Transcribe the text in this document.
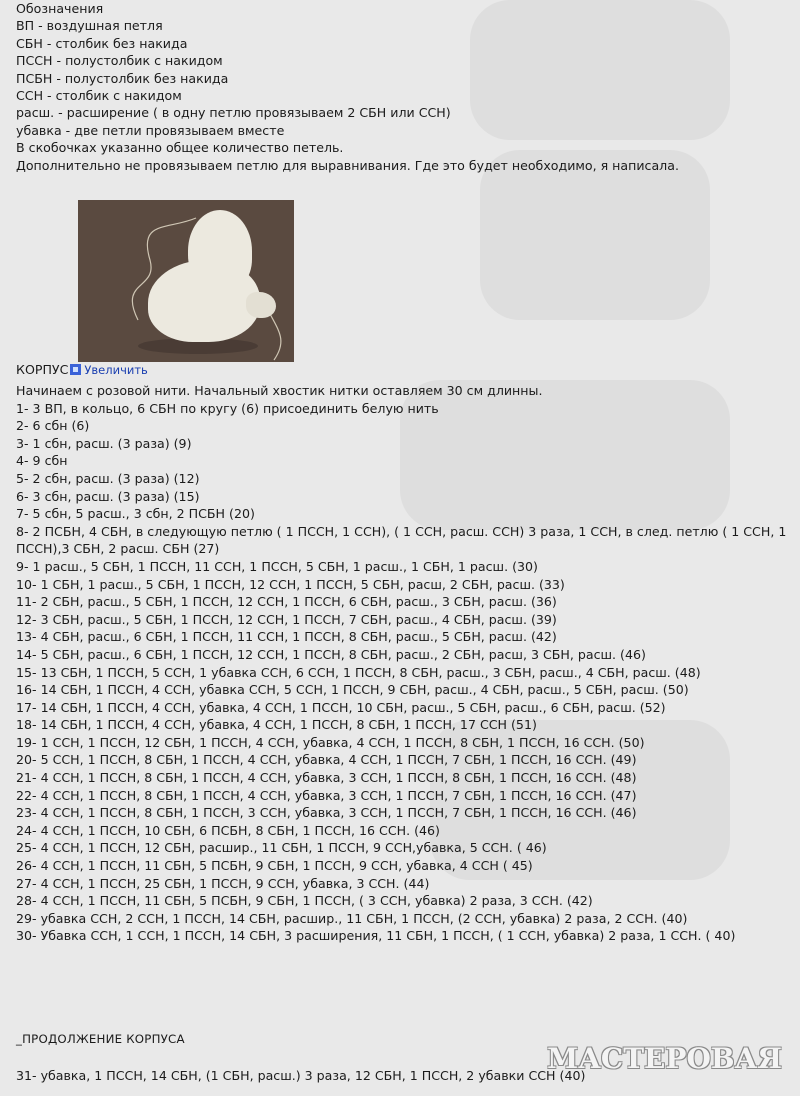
Обозначения
ВП - воздушная петля
СБН - столбик без накида
ПССН - полустолбик с накидом
ПСБН - полустолбик без накида
ССН - столбик с накидом
расш. - расширение ( в одну петлю провязываем 2 СБН или ССН)
убавка - две петли провязываем вместе
В скобочках указанно общее количество петель.
Дополнительно не провязываем петлю для выравнивания. Где это будет необходимо, я написала.
КОРПУС Увеличить
Начинаем с розовой нити. Начальный хвостик нитки оставляем 30 см длинны.
1- 3 ВП, в кольцо, 6 СБН по кругу (6) присоединить белую нить
2- 6 сбн (6)
3- 1 сбн, расш. (3 раза) (9)
4- 9 сбн
5- 2 сбн, расш. (3 раза) (12)
6- 3 сбн, расш. (3 раза) (15)
7- 5 сбн, 5 расш., 3 сбн, 2 ПСБН (20)
8- 2 ПСБН, 4 СБН, в следующую петлю ( 1 ПССН, 1 ССН), ( 1 ССН, расш. ССН) 3 раза, 1 ССН, в след. петлю ( 1 ССН, 1 ПССН),3 СБН, 2 расш. СБН (27)
9- 1 расш., 5 СБН, 1 ПССН, 11 ССН, 1 ПССН, 5 СБН, 1 расш., 1 СБН, 1 расш. (30)
10- 1 СБН, 1 расш., 5 СБН, 1 ПССН, 12 ССН, 1 ПССН, 5 СБН, расш, 2 СБН, расш. (33)
11- 2 СБН, расш., 5 СБН, 1 ПССН, 12 ССН, 1 ПССН, 6 СБН, расш., 3 СБН, расш. (36)
12- 3 СБН, расш., 5 СБН, 1 ПССН, 12 ССН, 1 ПССН, 7 СБН, расш., 4 СБН, расш. (39)
13- 4 СБН, расш., 6 СБН, 1 ПССН, 11 ССН, 1 ПССН, 8 СБН, расш., 5 СБН, расш. (42)
14- 5 СБН, расш., 6 СБН, 1 ПССН, 12 ССН, 1 ПССН, 8 СБН, расш., 2 СБН, расш, 3 СБН, расш. (46)
15- 13 СБН, 1 ПССН, 5 ССН, 1 убавка ССН, 6 ССН, 1 ПССН, 8 СБН, расш., 3 СБН, расш., 4 СБН, расш. (48)
16- 14 СБН, 1 ПССН, 4 ССН, убавка ССН, 5 ССН, 1 ПССН, 9 СБН, расш., 4 СБН, расш., 5 СБН, расш. (50)
17- 14 СБН, 1 ПССН, 4 ССН, убавка, 4 ССН, 1 ПССН, 10 СБН, расш., 5 СБН, расш., 6 СБН, расш. (52)
18- 14 СБН, 1 ПССН, 4 ССН, убавка, 4 ССН, 1 ПССН, 8 СБН, 1 ПССН, 17 ССН (51)
19- 1 ССН, 1 ПССН, 12 СБН, 1 ПССН, 4 ССН, убавка, 4 ССН, 1 ПССН, 8 СБН, 1 ПССН, 16 ССН. (50)
20- 5 ССН, 1 ПССН, 8 СБН, 1 ПССН, 4 ССН, убавка, 4 ССН, 1 ПССН, 7 СБН, 1 ПССН, 16 ССН. (49)
21- 4 ССН, 1 ПССН, 8 СБН, 1 ПССН, 4 ССН, убавка, 3 ССН, 1 ПССН, 8 СБН, 1 ПССН, 16 ССН. (48)
22- 4 ССН, 1 ПССН, 8 СБН, 1 ПССН, 4 ССН, убавка, 3 ССН, 1 ПССН, 7 СБН, 1 ПССН, 16 ССН. (47)
23- 4 ССН, 1 ПССН, 8 СБН, 1 ПССН, 3 ССН, убавка, 3 ССН, 1 ПССН, 7 СБН, 1 ПССН, 16 ССН. (46)
24- 4 ССН, 1 ПССН, 10 СБН, 6 ПСБН, 8 СБН, 1 ПССН, 16 ССН. (46)
25- 4 ССН, 1 ПССН, 12 СБН, расшир., 11 СБН, 1 ПССН, 9 ССН,убавка, 5 ССН. ( 46)
26- 4 ССН, 1 ПССН, 11 СБН, 5 ПСБН, 9 СБН, 1 ПССН, 9 ССН, убавка, 4 ССН ( 45)
27- 4 ССН, 1 ПССН, 25 СБН, 1 ПССН, 9 ССН, убавка, 3 ССН. (44)
28- 4 ССН, 1 ПССН, 11 СБН, 5 ПСБН, 9 СБН, 1 ПССН, ( 3 ССН, убавка) 2 раза, 3 ССН. (42)
29- убавка ССН, 2 ССН, 1 ПССН, 14 СБН, расшир., 11 СБН, 1 ПССН, (2 ССН, убавка) 2 раза, 2 ССН. (40)
30- Убавка ССН, 1 ССН, 1 ПССН, 14 СБН, 3 расширения, 11 СБН, 1 ПССН, ( 1 ССН, убавка) 2 раза, 1 ССН. ( 40)
_ПРОДОЛЖЕНИЕ КОРПУСА
МАСТЕРОВАЯ
31- убавка, 1 ПССН, 14 СБН, (1 СБН, расш.) 3 раза, 12 СБН, 1 ПССН, 2 убавки ССН (40)
